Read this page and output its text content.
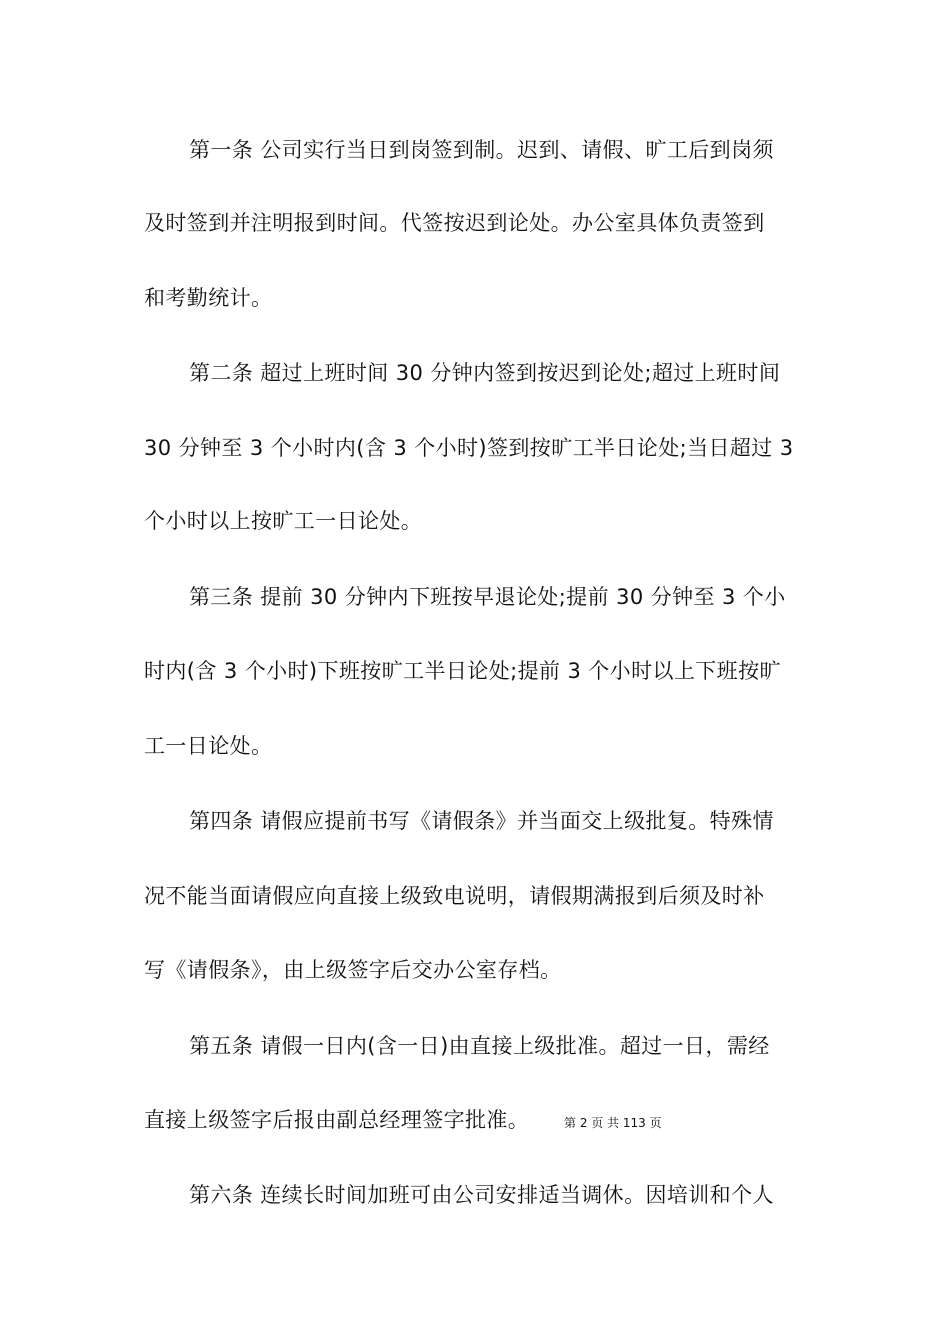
第一条 公司实行当日到岗签到制。迟到、请假、旷工后到岗须
及时签到并注明报到时间。代签按迟到论处。办公室具体负责签到
和考勤统计。
第二条 超过上班时间 30 分钟内签到按迟到论处;超过上班时间
30 分钟至 3 个小时内(含 3 个小时)签到按旷工半日论处;当日超过 3
个小时以上按旷工一日论处。
第三条 提前 30 分钟内下班按早退论处;提前 30 分钟至 3 个小
时内(含 3 个小时)下班按旷工半日论处;提前 3 个小时以上下班按旷
工一日论处。
第四条 请假应提前书写《请假条》并当面交上级批复。特殊情
况不能当面请假应向直接上级致电说明，请假期满报到后须及时补
写《请假条》，由上级签字后交办公室存档。
第五条 请假一日内(含一日)由直接上级批准。超过一日，需经
直接上级签字后报由副总经理签字批准。	第 2 页 共 113 页
第六条 连续长时间加班可由公司安排适当调休。因培训和个人
